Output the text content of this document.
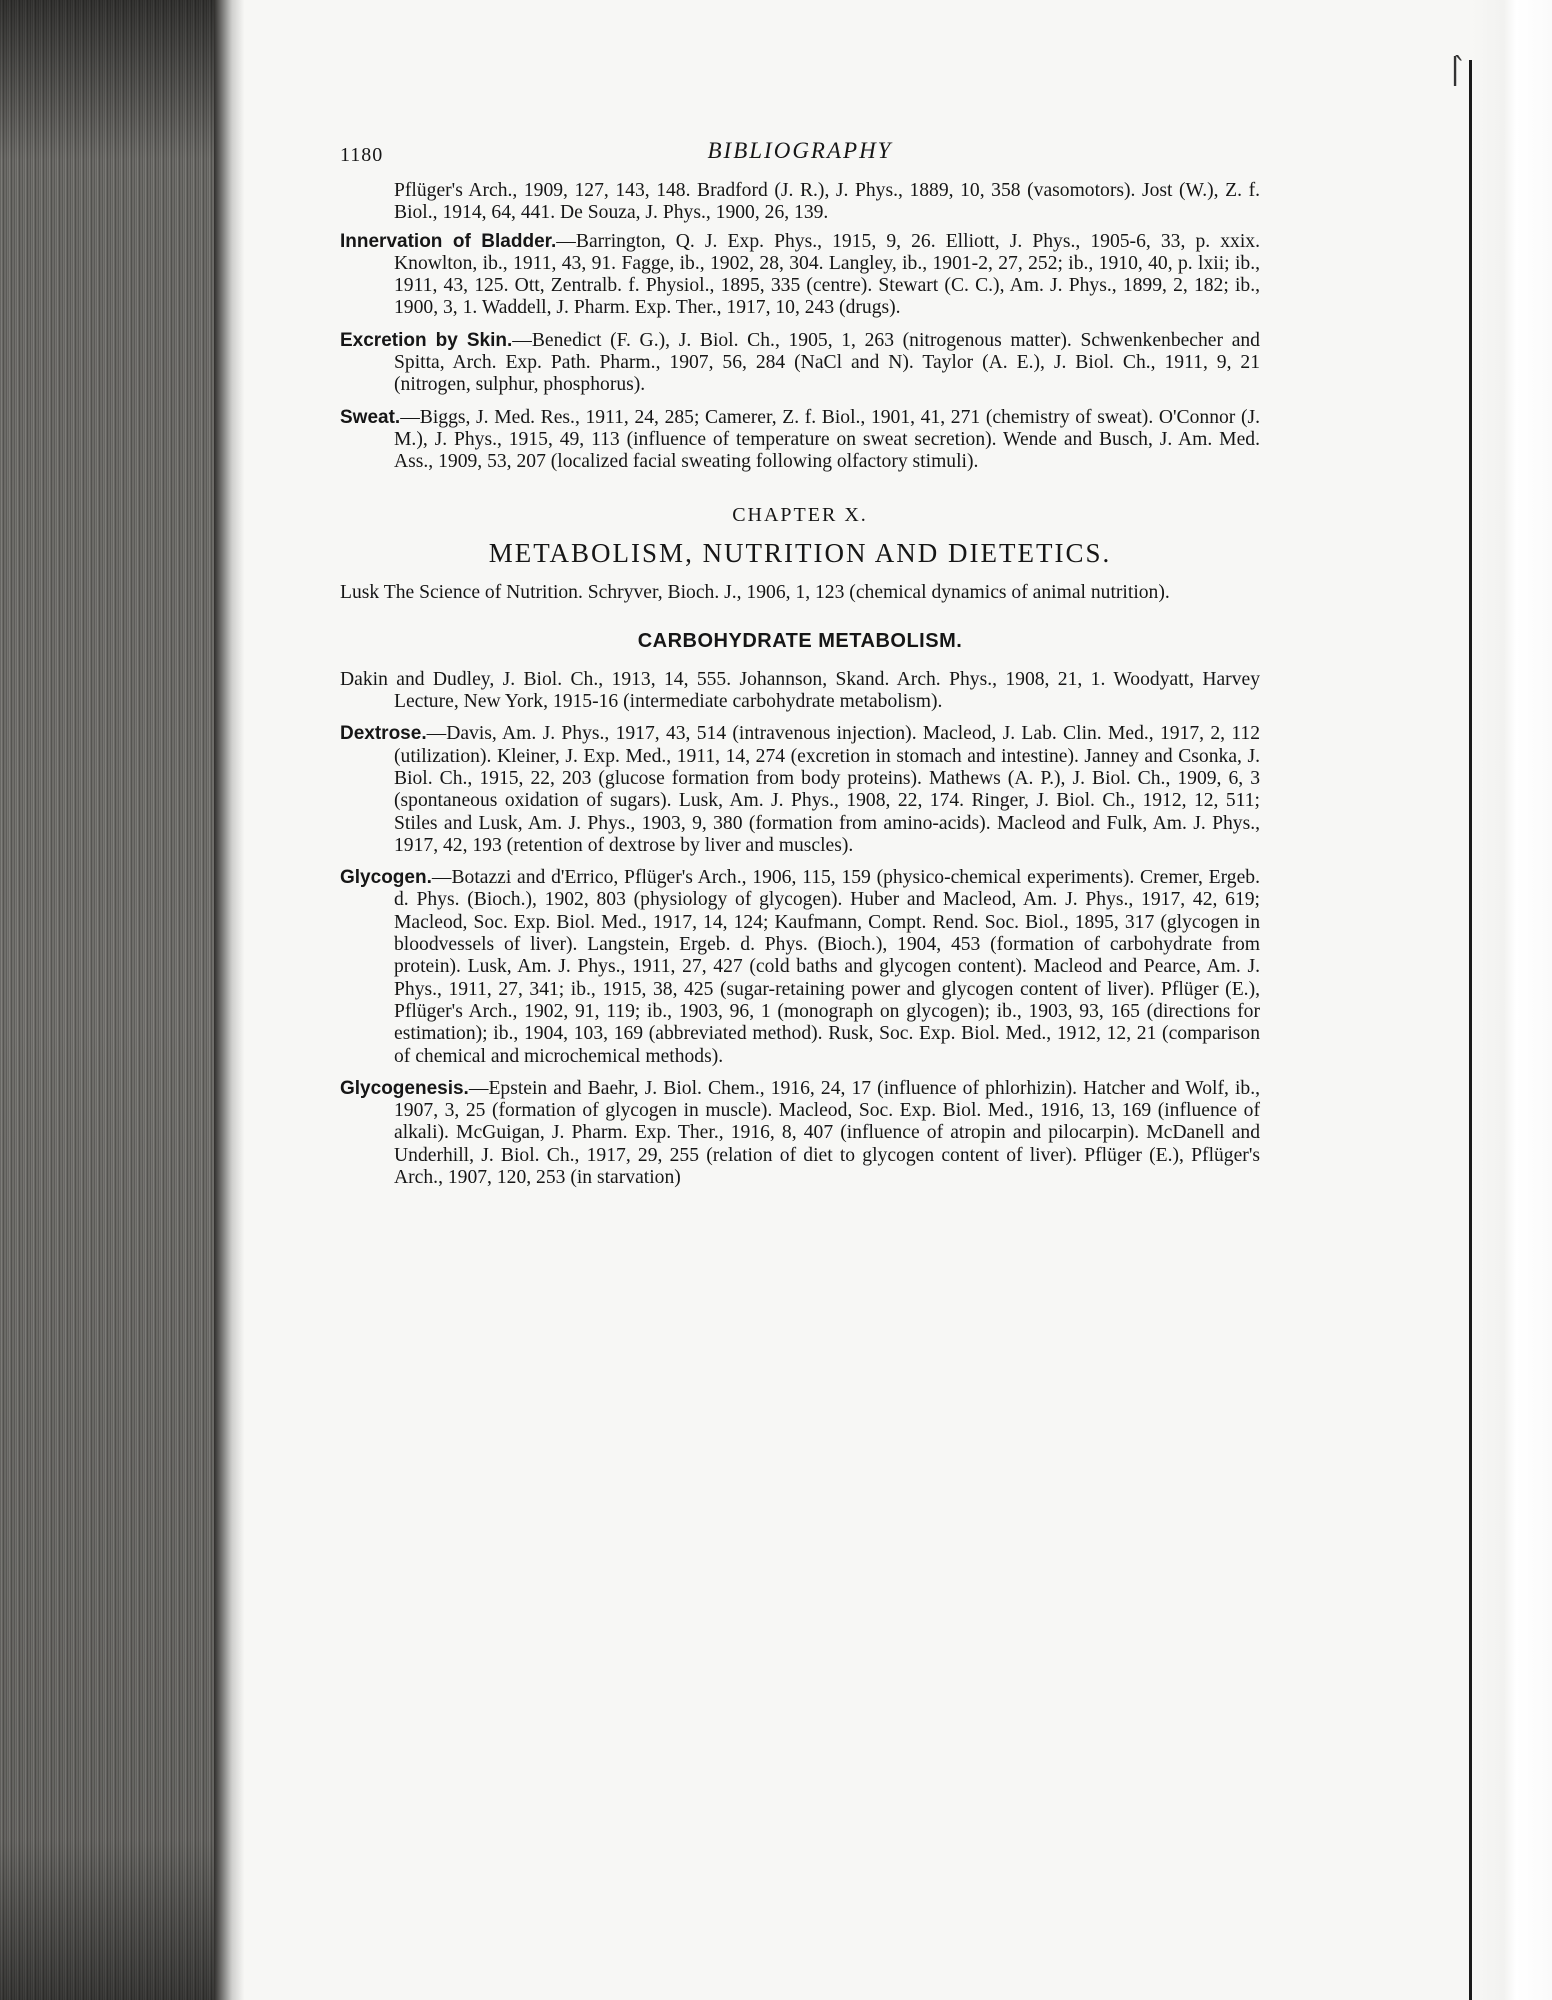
| ̀
1180	BIBLIOGRAPHY

Pflüger's Arch., 1909, 127, 143, 148. Bradford (J. R.), J. Phys., 1889, 10, 358 (vasomotors). Jost (W.), Z. f. Biol., 1914, 64, 441. De Souza, J. Phys., 1900, 26, 139.

Innervation of Bladder.—Barrington, Q. J. Exp. Phys., 1915, 9, 26. Elliott, J. Phys., 1905-6, 33, p. xxix. Knowlton, ib., 1911, 43, 91. Fagge, ib., 1902, 28, 304. Langley, ib., 1901-2, 27, 252; ib., 1910, 40, p. lxii; ib., 1911, 43, 125. Ott, Zentralb. f. Physiol., 1895, 335 (centre). Stewart (C. C.), Am. J. Phys., 1899, 2, 182; ib., 1900, 3, 1. Waddell, J. Pharm. Exp. Ther., 1917, 10, 243 (drugs).

Excretion by Skin.—Benedict (F. G.), J. Biol. Ch., 1905, 1, 263 (nitrogenous matter). Schwenkenbecher and Spitta, Arch. Exp. Path. Pharm., 1907, 56, 284 (NaCl and N). Taylor (A. E.), J. Biol. Ch., 1911, 9, 21 (nitrogen, sulphur, phosphorus).

Sweat.—Biggs, J. Med. Res., 1911, 24, 285; Camerer, Z. f. Biol., 1901, 41, 271 (chemistry of sweat). O'Connor (J. M.), J. Phys., 1915, 49, 113 (influence of temperature on sweat secretion). Wende and Busch, J. Am. Med. Ass., 1909, 53, 207 (localized facial sweating following olfactory stimuli).

CHAPTER X.
METABOLISM, NUTRITION AND DIETETICS.

Lusk The Science of Nutrition. Schryver, Bioch. J., 1906, 1, 123 (chemical dynamics of animal nutrition).

CARBOHYDRATE METABOLISM.

Dakin and Dudley, J. Biol. Ch., 1913, 14, 555. Johannson, Skand. Arch. Phys., 1908, 21, 1. Woodyatt, Harvey Lecture, New York, 1915-16 (intermediate carbohydrate metabolism).

Dextrose.—Davis, Am. J. Phys., 1917, 43, 514 (intravenous injection). Macleod, J. Lab. Clin. Med., 1917, 2, 112 (utilization). Kleiner, J. Exp. Med., 1911, 14, 274 (excretion in stomach and intestine). Janney and Csonka, J. Biol. Ch., 1915, 22, 203 (glucose formation from body proteins). Mathews (A. P.), J. Biol. Ch., 1909, 6, 3 (spontaneous oxidation of sugars). Lusk, Am. J. Phys., 1908, 22, 174. Ringer, J. Biol. Ch., 1912, 12, 511; Stiles and Lusk, Am. J. Phys., 1903, 9, 380 (formation from amino-acids). Macleod and Fulk, Am. J. Phys., 1917, 42, 193 (retention of dextrose by liver and muscles).

Glycogen.—Botazzi and d'Errico, Pflüger's Arch., 1906, 115, 159 (physico-chemical experiments). Cremer, Ergeb. d. Phys. (Bioch.), 1902, 803 (physiology of glycogen). Huber and Macleod, Am. J. Phys., 1917, 42, 619; Macleod, Soc. Exp. Biol. Med., 1917, 14, 124; Kaufmann, Compt. Rend. Soc. Biol., 1895, 317 (glycogen in bloodvessels of liver). Langstein, Ergeb. d. Phys. (Bioch.), 1904, 453 (formation of carbohydrate from protein). Lusk, Am. J. Phys., 1911, 27, 427 (cold baths and glycogen content). Macleod and Pearce, Am. J. Phys., 1911, 27, 341; ib., 1915, 38, 425 (sugar-retaining power and glycogen content of liver). Pflüger (E.), Pflüger's Arch., 1902, 91, 119; ib., 1903, 96, 1 (monograph on glycogen); ib., 1903, 93, 165 (directions for estimation); ib., 1904, 103, 169 (abbreviated method). Rusk, Soc. Exp. Biol. Med., 1912, 12, 21 (comparison of chemical and microchemical methods).

Glycogenesis.—Epstein and Baehr, J. Biol. Chem., 1916, 24, 17 (influence of phlorhizin). Hatcher and Wolf, ib., 1907, 3, 25 (formation of glycogen in muscle). Macleod, Soc. Exp. Biol. Med., 1916, 13, 169 (influence of alkali). McGuigan, J. Pharm. Exp. Ther., 1916, 8, 407 (influence of atropin and pilocarpin). McDanell and Underhill, J. Biol. Ch., 1917, 29, 255 (relation of diet to glycogen content of liver). Pflüger (E.), Pflüger's Arch., 1907, 120, 253 (in starvation)
